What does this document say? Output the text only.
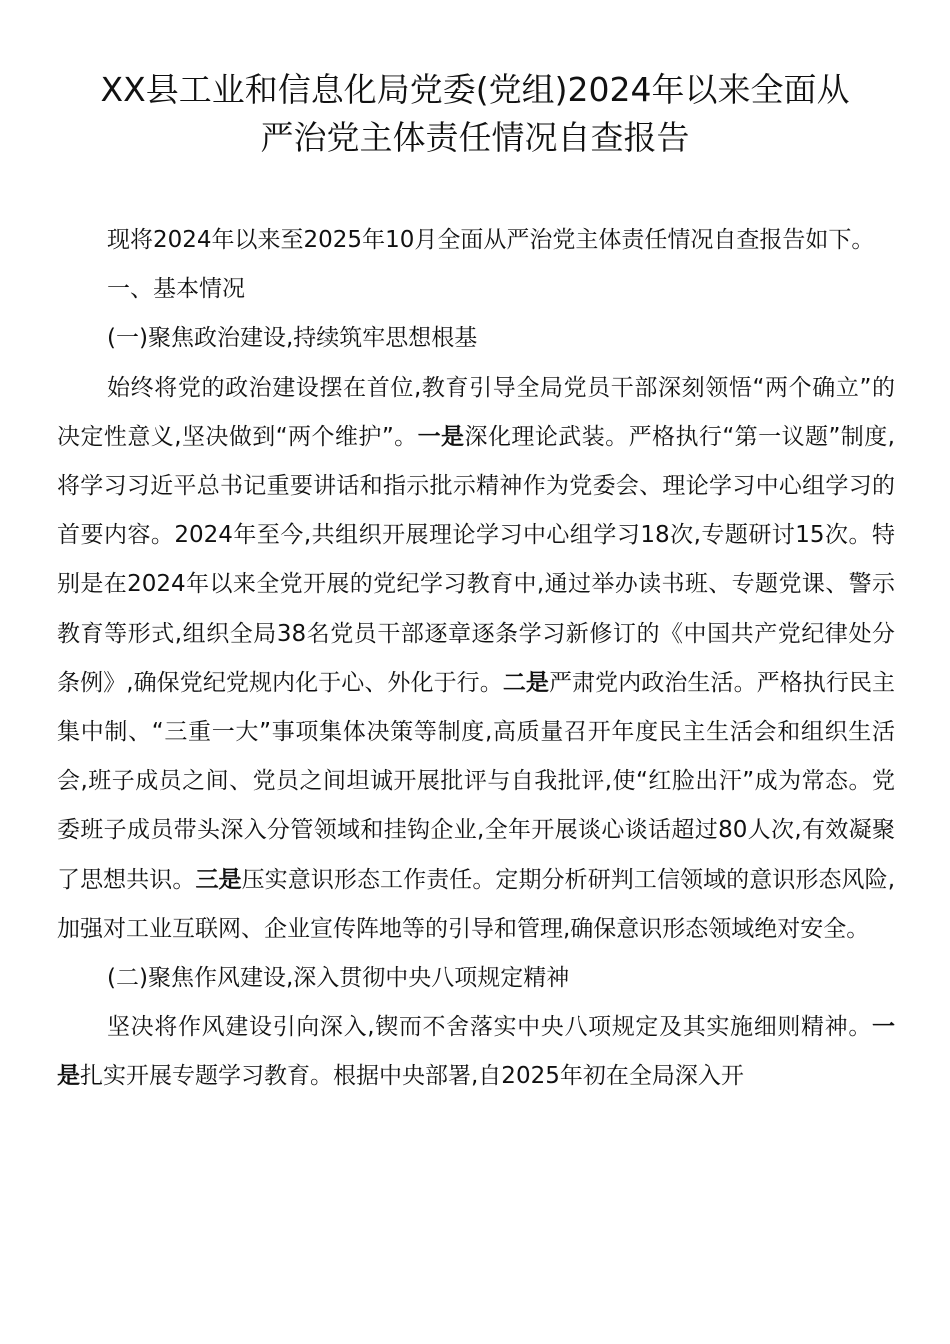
XX县工业和信息化局党委(党组)2024年以来全面从
严治党主体责任情况自查报告

现将2024年以来至2025年10月全面从严治党主体责任情况自查报告如下。

一、基本情况

(一)聚焦政治建设,持续筑牢思想根基

始终将党的政治建设摆在首位,教育引导全局党员干部深刻领悟“两个确立”的决定性意义,坚决做到“两个维护”。一是深化理论武装。严格执行“第一议题”制度,将学习习近平总书记重要讲话和指示批示精神作为党委会、理论学习中心组学习的首要内容。2024年至今,共组织开展理论学习中心组学习18次,专题研讨15次。特别是在2024年以来全党开展的党纪学习教育中,通过举办读书班、专题党课、警示教育等形式,组织全局38名党员干部逐章逐条学习新修订的《中国共产党纪律处分条例》,确保党纪党规内化于心、外化于行。二是严肃党内政治生活。严格执行民主集中制、“三重一大”事项集体决策等制度,高质量召开年度民主生活会和组织生活会,班子成员之间、党员之间坦诚开展批评与自我批评,使“红脸出汗”成为常态。党委班子成员带头深入分管领域和挂钩企业,全年开展谈心谈话超过80人次,有效凝聚了思想共识。三是压实意识形态工作责任。定期分析研判工信领域的意识形态风险,加强对工业互联网、企业宣传阵地等的引导和管理,确保意识形态领域绝对安全。

(二)聚焦作风建设,深入贯彻中央八项规定精神

坚决将作风建设引向深入,锲而不舍落实中央八项规定及其实施细则精神。一是扎实开展专题学习教育。根据中央部署,自2025年初在全局深入开
